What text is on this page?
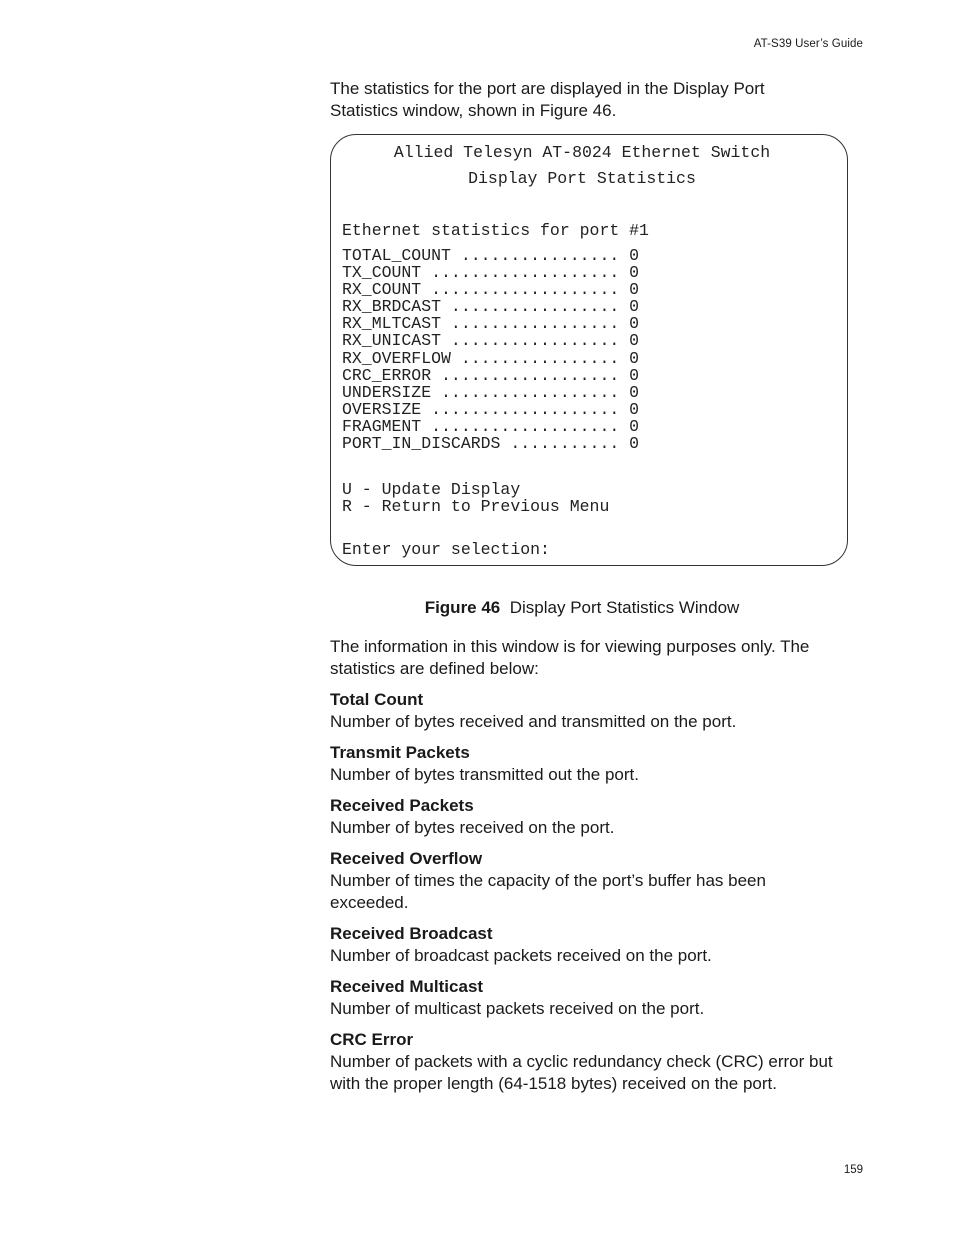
AT-S39 User’s Guide

The statistics for the port are displayed in the Display Port Statistics window, shown in Figure 46.

Allied Telesyn AT-8024 Ethernet Switch
Display Port Statistics
Ethernet statistics for port #1
TOTAL_COUNT ................ 0
TX_COUNT ................... 0
RX_COUNT ................... 0
RX_BRDCAST ................. 0
RX_MLTCAST ................. 0
RX_UNICAST ................. 0
RX_OVERFLOW ................ 0
CRC_ERROR .................. 0
UNDERSIZE .................. 0
OVERSIZE ................... 0
FRAGMENT ................... 0
PORT_IN_DISCARDS ........... 0
U - Update Display
R - Return to Previous Menu
Enter your selection:
Figure 46 Display Port Statistics Window

The information in this window is for viewing purposes only. The statistics are defined below:

Total Count
Number of bytes received and transmitted on the port.
Transmit Packets
Number of bytes transmitted out the port.
Received Packets
Number of bytes received on the port.
Received Overflow
Number of times the capacity of the port’s buffer has been exceeded.
Received Broadcast
Number of broadcast packets received on the port.
Received Multicast
Number of multicast packets received on the port.
CRC Error
Number of packets with a cyclic redundancy check (CRC) error but with the proper length (64-1518 bytes) received on the port.
159
